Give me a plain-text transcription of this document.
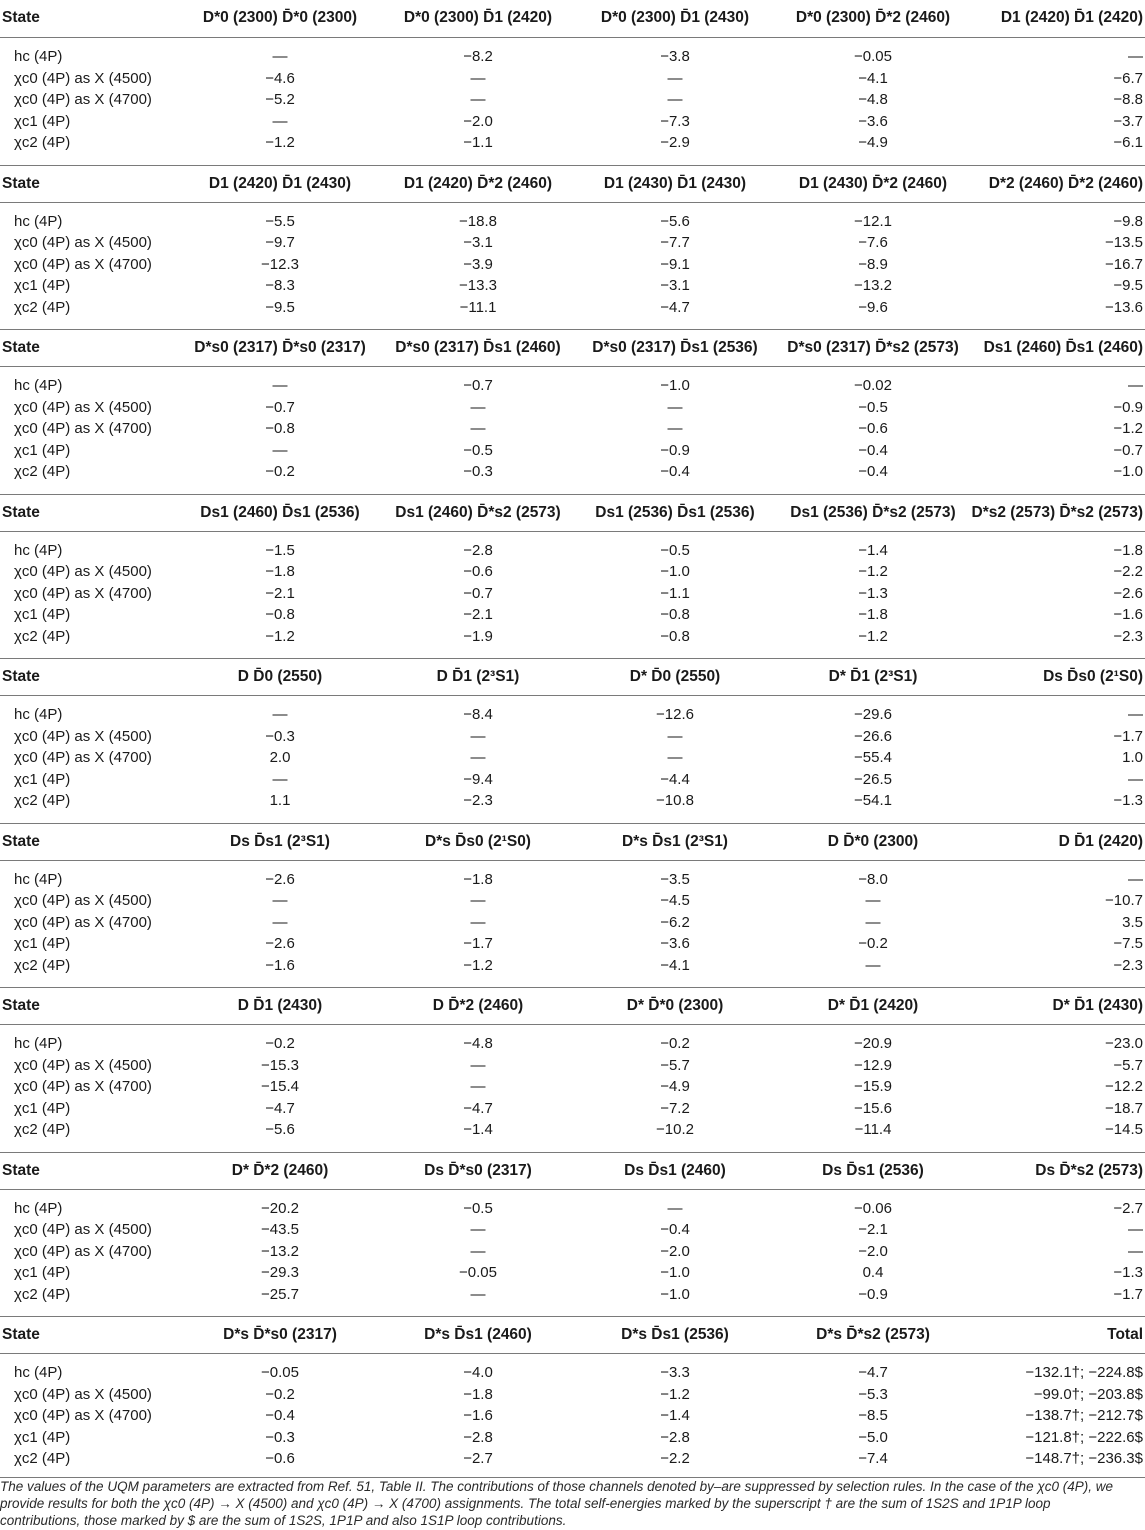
State	D*0 (2300) D̄*0 (2300)	D*0 (2300) D̄1 (2420)	D*0 (2300) D̄1 (2430)	D*0 (2300) D̄*2 (2460)	D1 (2420) D̄1 (2420)
hc (4P)	—	−8.2	−3.8	−0.05	—
χc0 (4P) as X (4500)	−4.6	—	—	−4.1	−6.7
χc0 (4P) as X (4700)	−5.2	—	—	−4.8	−8.8
χc1 (4P)	—	−2.0	−7.3	−3.6	−3.7
χc2 (4P)	−1.2	−1.1	−2.9	−4.9	−6.1
State	D1 (2420) D̄1 (2430)	D1 (2420) D̄*2 (2460)	D1 (2430) D̄1 (2430)	D1 (2430) D̄*2 (2460)	D*2 (2460) D̄*2 (2460)
hc (4P)	−5.5	−18.8	−5.6	−12.1	−9.8
χc0 (4P) as X (4500)	−9.7	−3.1	−7.7	−7.6	−13.5
χc0 (4P) as X (4700)	−12.3	−3.9	−9.1	−8.9	−16.7
χc1 (4P)	−8.3	−13.3	−3.1	−13.2	−9.5
χc2 (4P)	−9.5	−11.1	−4.7	−9.6	−13.6
State	D*s0 (2317) D̄*s0 (2317)	D*s0 (2317) D̄s1 (2460)	D*s0 (2317) D̄s1 (2536)	D*s0 (2317) D̄*s2 (2573)	Ds1 (2460) D̄s1 (2460)
hc (4P)	—	−0.7	−1.0	−0.02	—
χc0 (4P) as X (4500)	−0.7	—	—	−0.5	−0.9
χc0 (4P) as X (4700)	−0.8	—	—	−0.6	−1.2
χc1 (4P)	—	−0.5	−0.9	−0.4	−0.7
χc2 (4P)	−0.2	−0.3	−0.4	−0.4	−1.0
State	Ds1 (2460) D̄s1 (2536)	Ds1 (2460) D̄*s2 (2573)	Ds1 (2536) D̄s1 (2536)	Ds1 (2536) D̄*s2 (2573)	D*s2 (2573) D̄*s2 (2573)
hc (4P)	−1.5	−2.8	−0.5	−1.4	−1.8
χc0 (4P) as X (4500)	−1.8	−0.6	−1.0	−1.2	−2.2
χc0 (4P) as X (4700)	−2.1	−0.7	−1.1	−1.3	−2.6
χc1 (4P)	−0.8	−2.1	−0.8	−1.8	−1.6
χc2 (4P)	−1.2	−1.9	−0.8	−1.2	−2.3
State	D D̄0 (2550)	D D̄1 (2³S1)	D* D̄0 (2550)	D* D̄1 (2³S1)	Ds D̄s0 (2¹S0)
hc (4P)	—	−8.4	−12.6	−29.6	—
χc0 (4P) as X (4500)	−0.3	—	—	−26.6	−1.7
χc0 (4P) as X (4700)	2.0	—	—	−55.4	1.0
χc1 (4P)	—	−9.4	−4.4	−26.5	—
χc2 (4P)	1.1	−2.3	−10.8	−54.1	−1.3
State	Ds D̄s1 (2³S1)	D*s D̄s0 (2¹S0)	D*s D̄s1 (2³S1)	D D̄*0 (2300)	D D̄1 (2420)
hc (4P)	−2.6	−1.8	−3.5	−8.0	—
χc0 (4P) as X (4500)	—	—	−4.5	—	−10.7
χc0 (4P) as X (4700)	—	—	−6.2	—	3.5
χc1 (4P)	−2.6	−1.7	−3.6	−0.2	−7.5
χc2 (4P)	−1.6	−1.2	−4.1	—	−2.3
State	D D̄1 (2430)	D D̄*2 (2460)	D* D̄*0 (2300)	D* D̄1 (2420)	D* D̄1 (2430)
hc (4P)	−0.2	−4.8	−0.2	−20.9	−23.0
χc0 (4P) as X (4500)	−15.3	—	−5.7	−12.9	−5.7
χc0 (4P) as X (4700)	−15.4	—	−4.9	−15.9	−12.2
χc1 (4P)	−4.7	−4.7	−7.2	−15.6	−18.7
χc2 (4P)	−5.6	−1.4	−10.2	−11.4	−14.5
State	D* D̄*2 (2460)	Ds D̄*s0 (2317)	Ds D̄s1 (2460)	Ds D̄s1 (2536)	Ds D̄*s2 (2573)
hc (4P)	−20.2	−0.5	—	−0.06	−2.7
χc0 (4P) as X (4500)	−43.5	—	−0.4	−2.1	—
χc0 (4P) as X (4700)	−13.2	—	−2.0	−2.0	—
χc1 (4P)	−29.3	−0.05	−1.0	0.4	−1.3
χc2 (4P)	−25.7	—	−1.0	−0.9	−1.7
State	D*s D̄*s0 (2317)	D*s D̄s1 (2460)	D*s D̄s1 (2536)	D*s D̄*s2 (2573)	Total
hc (4P)	−0.05	−4.0	−3.3	−4.7	−132.1†; −224.8$
χc0 (4P) as X (4500)	−0.2	−1.8	−1.2	−5.3	−99.0†; −203.8$
χc0 (4P) as X (4700)	−0.4	−1.6	−1.4	−8.5	−138.7†; −212.7$
χc1 (4P)	−0.3	−2.8	−2.8	−5.0	−121.8†; −222.6$
χc2 (4P)	−0.6	−2.7	−2.2	−7.4	−148.7†; −236.3$
The values of the UQM parameters are extracted from Ref. 51, Table II. The contributions of those channels denoted by–are suppressed by selection rules. In the case of the χc0 (4P), we
provide results for both the χc0 (4P) → X (4500) and χc0 (4P) → X (4700) assignments. The total self-energies marked by the superscript † are the sum of 1S2S and 1P1P loop
contributions, those marked by $ are the sum of 1S2S, 1P1P and also 1S1P loop contributions.
